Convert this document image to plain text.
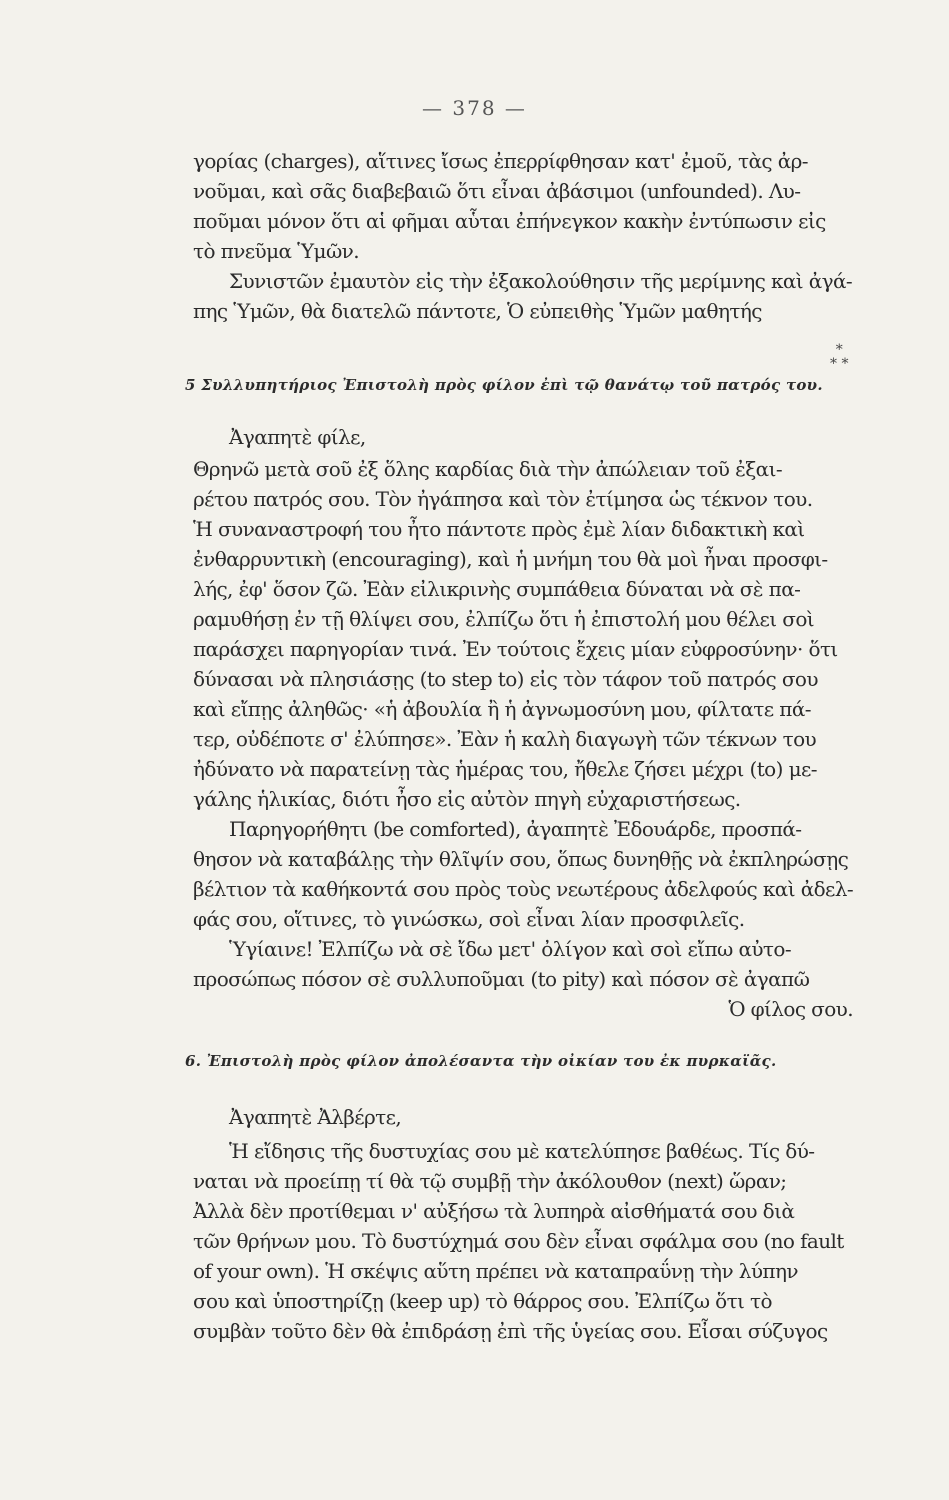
— 378 —
γορίας (charges), αἵτινες ἴσως ἐπερρίφθησαν κατ' ἐμοῦ, τὰς ἀρ-
νοῦμαι, καὶ σᾶς διαβεβαιῶ ὅτι εἶναι ἀβάσιμοι (unfounded). Λυ-
ποῦμαι μόνον ὅτι αἱ φῆμαι αὗται ἐπήνεγκον κακὴν ἐντύπωσιν εἰς
τὸ πνεῦμα Ὑμῶν.
Συνιστῶν ἐμαυτὸν εἰς τὴν ἐξακολούθησιν τῆς μερίμνης καὶ ἀγά-
πης Ὑμῶν, θὰ διατελῶ πάντοτε, Ὁ εὐπειθὴς Ὑμῶν μαθητής
*
* *
5 Συλλυπητήριος Ἐπιστολὴ πρὸς φίλον ἐπὶ τῷ θανάτῳ τοῦ πατρός του.
Ἀγαπητὲ φίλε,
Θρηνῶ μετὰ σοῦ ἐξ ὅλης καρδίας διὰ τὴν ἀπώλειαν τοῦ ἐξαι-
ρέτου πατρός σου. Τὸν ἠγάπησα καὶ τὸν ἐτίμησα ὡς τέκνον του.
Ἡ συναναστροφή του ἦτο πάντοτε πρὸς ἐμὲ λίαν διδακτικὴ καὶ
ἐνθαρρυντικὴ (encouraging), καὶ ἡ μνήμη του θὰ μοὶ ἦναι προσφι-
λής, ἐφ' ὅσον ζῶ. Ἐὰν εἰλικρινὴς συμπάθεια δύναται νὰ σὲ πα-
ραμυθήσῃ ἐν τῇ θλίψει σου, ἐλπίζω ὅτι ἡ ἐπιστολή μου θέλει σοὶ
παράσχει παρηγορίαν τινά. Ἐν τούτοις ἔχεις μίαν εὐφροσύνην· ὅτι
δύνασαι νὰ πλησιάσῃς (to step to) εἰς τὸν τάφον τοῦ πατρός σου
καὶ εἴπῃς ἀληθῶς· «ἡ ἀβουλία ἢ ἡ ἀγνωμοσύνη μου, φίλτατε πά-
τερ, οὐδέποτε σ' ἐλύπησε». Ἐὰν ἡ καλὴ διαγωγὴ τῶν τέκνων του
ἠδύνατο νὰ παρατείνῃ τὰς ἡμέρας του, ἤθελε ζήσει μέχρι (to) με-
γάλης ἡλικίας, διότι ἦσο εἰς αὐτὸν πηγὴ εὐχαριστήσεως.
Παρηγορήθητι (be comforted), ἀγαπητὲ Ἐδουάρδε, προσπά-
θησον νὰ καταβάλῃς τὴν θλῖψίν σου, ὅπως δυνηθῇς νὰ ἐκπληρώσῃς
βέλτιον τὰ καθήκοντά σου πρὸς τοὺς νεωτέρους ἀδελφούς καὶ ἀδελ-
φάς σου, οἵτινες, τὸ γινώσκω, σοὶ εἶναι λίαν προσφιλεῖς.
Ὑγίαινε! Ἐλπίζω νὰ σὲ ἴδω μετ' ὀλίγον καὶ σοὶ εἴπω αὐτο-
προσώπως πόσον σὲ συλλυποῦμαι (to pity) καὶ πόσον σὲ ἀγαπῶ
Ὁ φίλος σου.
6. Ἐπιστολὴ πρὸς φίλον ἀπολέσαντα τὴν οἰκίαν του ἐκ πυρκαϊᾶς.
Ἀγαπητὲ Ἀλβέρτε,
Ἡ εἴδησις τῆς δυστυχίας σου μὲ κατελύπησε βαθέως. Τίς δύ-
ναται νὰ προείπῃ τί θὰ τῷ συμβῇ τὴν ἀκόλουθον (next) ὥραν;
Ἀλλὰ δὲν προτίθεμαι ν' αὐξήσω τὰ λυπηρὰ αἰσθήματά σου διὰ
τῶν θρήνων μου. Τὸ δυστύχημά σου δὲν εἶναι σφάλμα σου (no fault
of your own). Ἡ σκέψις αὕτη πρέπει νὰ καταπραΰνῃ τὴν λύπην
σου καὶ ὑποστηρίζῃ (keep up) τὸ θάρρος σου. Ἐλπίζω ὅτι τὸ
συμβὰν τοῦτο δὲν θὰ ἐπιδράσῃ ἐπὶ τῆς ὑγείας σου. Εἶσαι σύζυγος
